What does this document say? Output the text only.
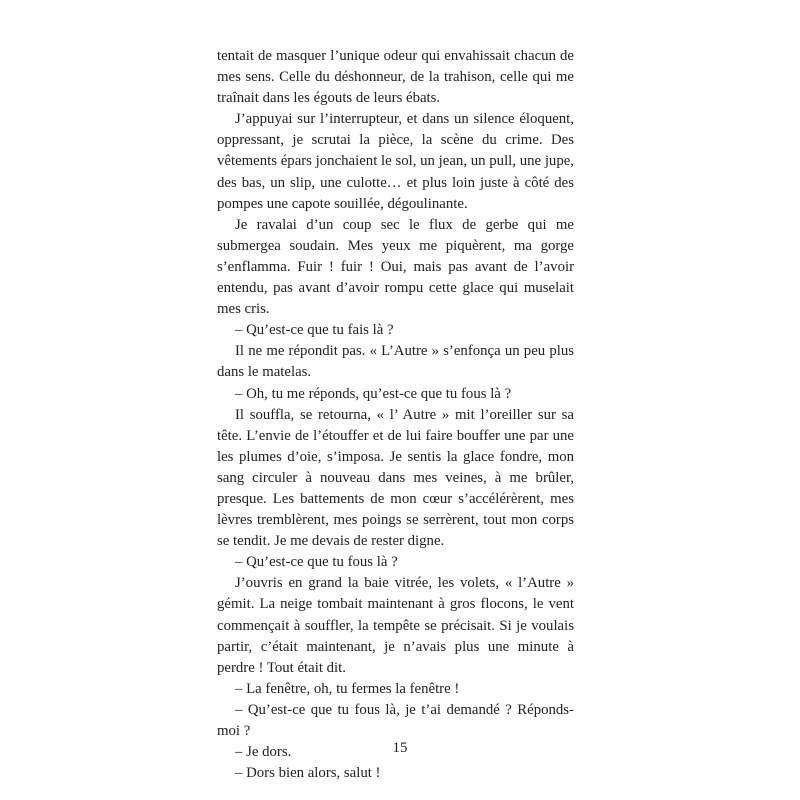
tentait de masquer l’unique odeur qui envahissait chacun de mes sens. Celle du déshonneur, de la trahison, celle qui me traînait dans les égouts de leurs ébats.

J’appuyai sur l’interrupteur, et dans un silence éloquent, oppressant, je scrutai la pièce, la scène du crime. Des vêtements épars jonchaient le sol, un jean, un pull, une jupe, des bas, un slip, une culotte… et plus loin juste à côté des pompes une capote souillée, dégoulinante.

Je ravalai d’un coup sec le flux de gerbe qui me submergea soudain. Mes yeux me piquèrent, ma gorge s’enflamma. Fuir ! fuir ! Oui, mais pas avant de l’avoir entendu, pas avant d’avoir rompu cette glace qui muselait mes cris.

– Qu’est-ce que tu fais là ?

Il ne me répondit pas. « L’Autre » s’enfonça un peu plus dans le matelas.

– Oh, tu me réponds, qu’est-ce que tu fous là ?

Il souffla, se retourna, « l’ Autre » mit l’oreiller sur sa tête. L’envie de l’étouffer et de lui faire bouffer une par une les plumes d’oie, s’imposa. Je sentis la glace fondre, mon sang circuler à nouveau dans mes veines, à me brûler, presque. Les battements de mon cœur s’accélérèrent, mes lèvres tremblèrent, mes poings se serrèrent, tout mon corps se tendit. Je me devais de rester digne.

– Qu’est-ce que tu fous là ?

J’ouvris en grand la baie vitrée, les volets, « l’Autre » gémit. La neige tombait maintenant à gros flocons, le vent commençait à souffler, la tempête se précisait. Si je voulais partir, c’était maintenant, je n’avais plus une minute à perdre ! Tout était dit.

– La fenêtre, oh, tu fermes la fenêtre !

– Qu’est-ce que tu fous là, je t’ai demandé ? Réponds-moi ?

– Je dors.

– Dors bien alors, salut !

15
